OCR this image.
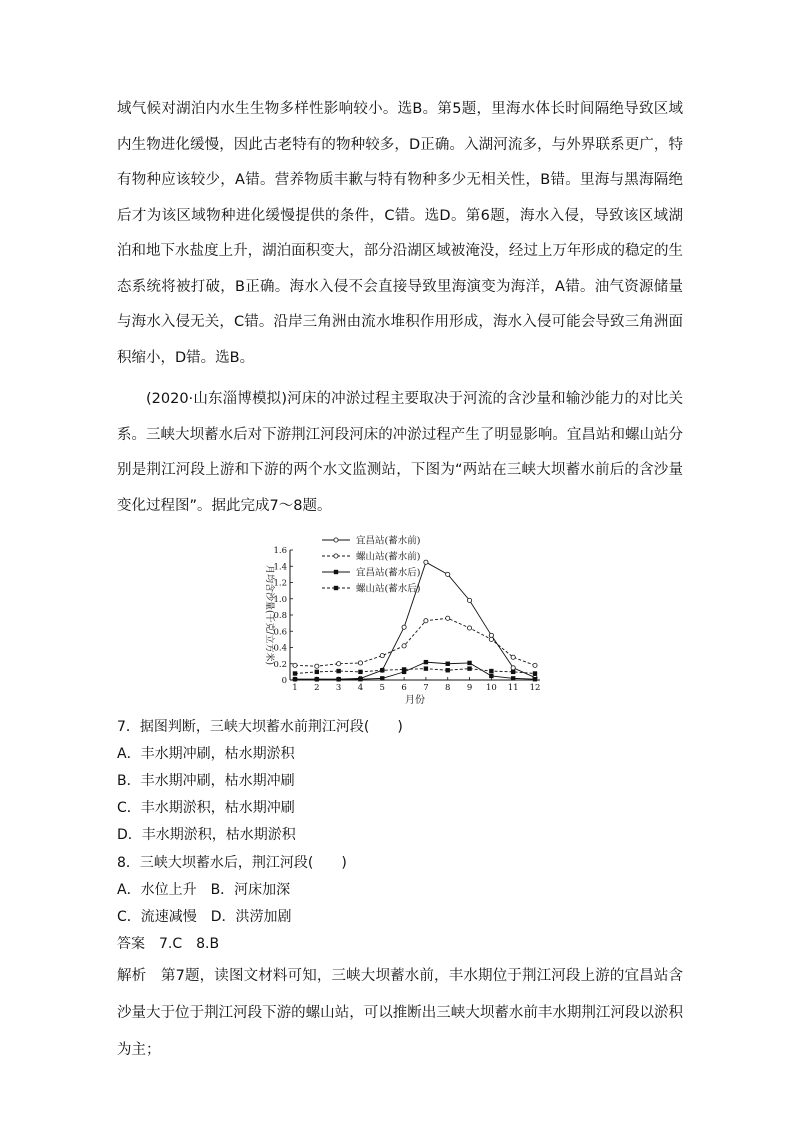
域气候对湖泊内水生生物多样性影响较小。选B。第5题，里海水体长时间隔绝导致区域内生物进化缓慢，因此古老特有的物种较多，D正确。入湖河流多，与外界联系更广，特有物种应该较少，A错。营养物质丰歉与特有物种多少无相关性，B错。里海与黑海隔绝后才为该区域物种进化缓慢提供的条件，C错。选D。第6题，海水入侵，导致该区域湖泊和地下水盐度上升，湖泊面积变大，部分沿湖区域被淹没，经过上万年形成的稳定的生态系统将被打破，B正确。海水入侵不会直接导致里海演变为海洋，A错。油气资源储量与海水入侵无关，C错。沿岸三角洲由流水堆积作用形成，海水入侵可能会导致三角洲面积缩小，D错。选B。
(2020·山东淄博模拟)河床的冲淤过程主要取决于河流的含沙量和输沙能力的对比关系。三峡大坝蓄水后对下游荆江河段河床的冲淤过程产生了明显影响。宜昌站和螺山站分别是荆江河段上游和下游的两个水文监测站，下图为“两站在三峡大坝蓄水前后的含沙量变化过程图”。据此完成7～8题。
宜昌站(蓄水前)
螺山站(蓄水前)
宜昌站(蓄水后)
螺山站(蓄水后)
0
0.2
0.4
0.6
0.8
1.0
1.2
1.4
1.6
1 2 3 4 5 6 7 8 9 10 11 12
月均含沙量(千克/立方米)
月份
7．据图判断，三峡大坝蓄水前荆江河段(　　)
A．丰水期冲刷，枯水期淤积
B．丰水期冲刷，枯水期冲刷
C．丰水期淤积，枯水期冲刷
D．丰水期淤积，枯水期淤积
8．三峡大坝蓄水后，荆江河段(　　)
A．水位上升　B．河床加深
C．流速减慢　D．洪涝加剧
答案　7.C　8.B
解析　第7题，读图文材料可知，三峡大坝蓄水前，丰水期位于荆江河段上游的宜昌站含沙量大于位于荆江河段下游的螺山站，可以推断出三峡大坝蓄水前丰水期荆江河段以淤积为主；
